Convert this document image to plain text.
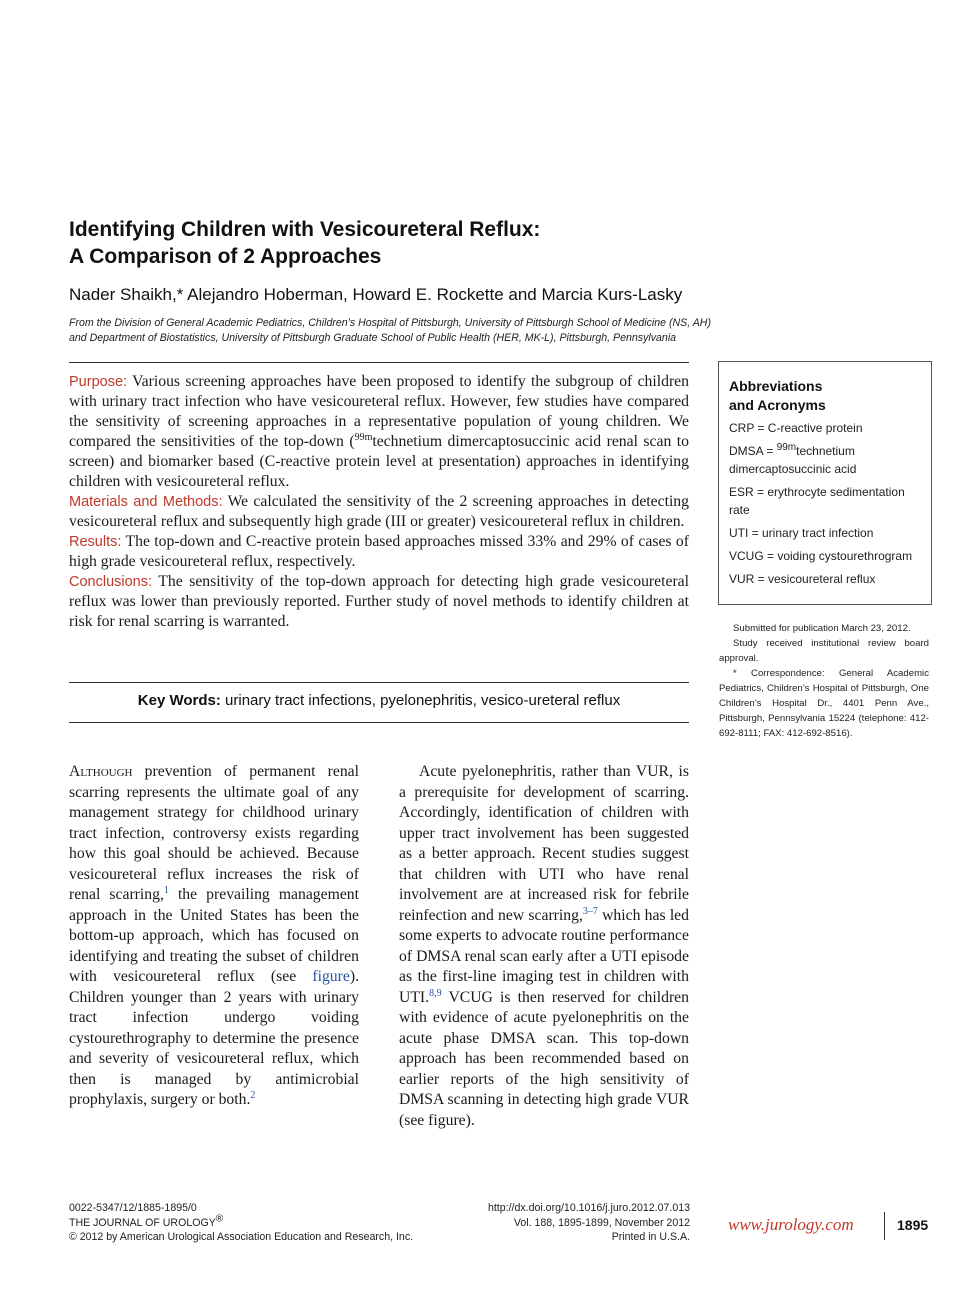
Identifying Children with Vesicoureteral Reflux:
A Comparison of 2 Approaches
Nader Shaikh,* Alejandro Hoberman, Howard E. Rockette and Marcia Kurs-Lasky
From the Division of General Academic Pediatrics, Children’s Hospital of Pittsburgh, University of Pittsburgh School of Medicine (NS, AH)
and Department of Biostatistics, University of Pittsburgh Graduate School of Public Health (HER, MK-L), Pittsburgh, Pennsylvania

Purpose: Various screening approaches have been proposed to identify the subgroup of children with urinary tract infection who have vesicoureteral reflux. However, few studies have compared the sensitivity of screening approaches in a representative population of young children. We compared the sensitivities of the top-down ($^{99m}$technetium dimercaptosuccinic acid renal scan to screen) and biomarker based (C-reactive protein level at presentation) approaches in identifying children with vesicoureteral reflux.

Materials and Methods: We calculated the sensitivity of the 2 screening approaches in detecting vesicoureteral reflux and subsequently high grade (III or greater) vesicoureteral reflux in children.

Results: The top-down and C-reactive protein based approaches missed 33% and 29% of cases of high grade vesicoureteral reflux, respectively.

Conclusions: The sensitivity of the top-down approach for detecting high grade vesicoureteral reflux was lower than previously reported. Further study of novel methods to identify children at risk for renal scarring is warranted.

Key Words: urinary tract infections, pyelonephritis, vesico-ureteral reflux
Abbreviations
and Acronyms
CRP = C-reactive protein
DMSA = $^{99m}$technetium dimercaptosuccinic acid
ESR = erythrocyte sedimentation rate
UTI = urinary tract infection
VCUG = voiding cystourethrogram
VUR = vesicoureteral reflux

Submitted for publication March 23, 2012.

Study received institutional review board approval.

* Correspondence: General Academic Pediatrics, Children’s Hospital of Pittsburgh, One Children’s Hospital Dr., 4401 Penn Ave., Pittsburgh, Pennsylvania 15224 (telephone: 412-692-8111; FAX: 412-692-8516).

Although prevention of permanent renal scarring represents the ultimate goal of any management strategy for childhood urinary tract infection, controversy exists regarding how this goal should be achieved. Because vesicoureteral reflux increases the risk of renal scarring,$^1$ the prevailing management approach in the United States has been the bottom-up approach, which has focused on identifying and treating the subset of children with vesicoureteral reflux (see figure). Children younger than 2 years with urinary tract infection undergo voiding cystourethrography to determine the presence and severity of vesicoureteral reflux, which then is managed by antimicrobial prophylaxis, surgery or both.$^2$

Acute pyelonephritis, rather than VUR, is a prerequisite for development of scarring. Accordingly, identification of children with upper tract involvement has been suggested as a better approach. Recent studies suggest that children with UTI who have renal involvement are at increased risk for febrile reinfection and new scarring,$^{3-7}$ which has led some experts to advocate routine performance of DMSA renal scan early after a UTI episode as the first-line imaging test in children with UTI.$^{8,9}$ VCUG is then reserved for children with evidence of acute pyelonephritis on the acute phase DMSA scan. This top-down approach has been recommended based on earlier reports of the high sensitivity of DMSA scanning in detecting high grade VUR (see figure).

0022-5347/12/1885-1895/0
THE JOURNAL OF UROLOGY®
© 2012 by American Urological Association Education and Research, Inc.
http://dx.doi.org/10.1016/j.juro.2012.07.013
Vol. 188, 1895-1899, November 2012
Printed in U.S.A.
www.jurology.com	1895
